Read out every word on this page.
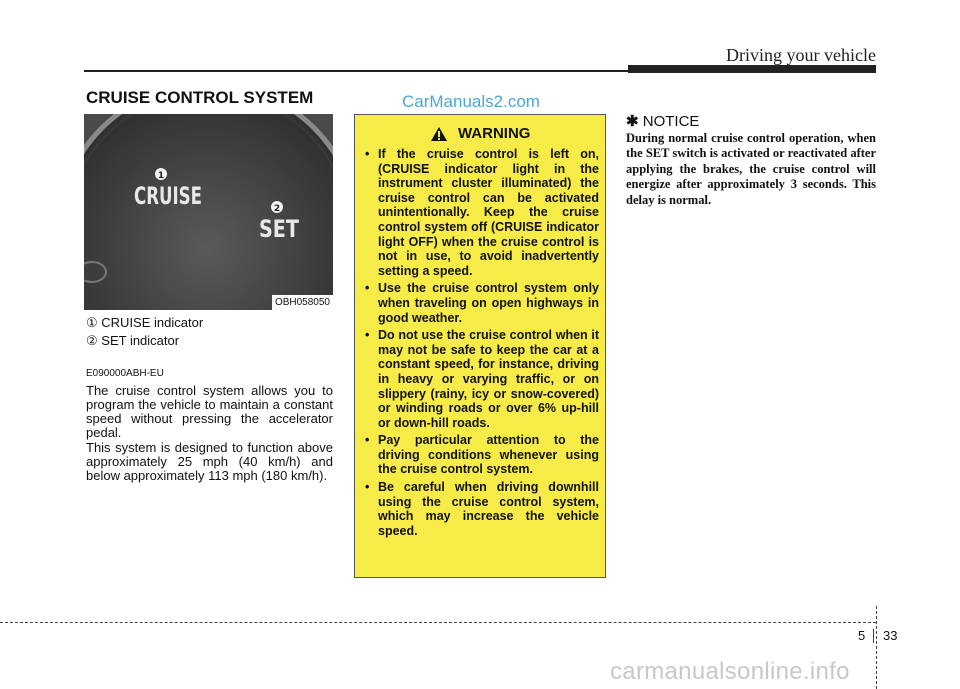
Driving your vehicle
CRUISE CONTROL SYSTEM	CarManuals2.com
1
CRUISE	2
SET
OBH058050
① CRUISE indicator
② SET indicator
E090000ABH-EU
The cruise control system allows you to program the vehicle to maintain a constant speed without pressing the accelerator pedal.
This system is designed to function above approximately 25 mph (40 km/h) and below approximately 113 mph (180 km/h).
WARNING
• If the cruise control is left on, (CRUISE indicator light in the instrument cluster illuminated) the cruise control can be activated unintentionally. Keep the cruise control system off (CRUISE indicator light OFF) when the cruise control is not in use, to avoid inadvertently setting a speed.
• Use the cruise control system only when traveling on open highways in good weather.
• Do not use the cruise control when it may not be safe to keep the car at a constant speed, for instance, driving in heavy or varying traffic, or on slippery (rainy, icy or snow-covered) or winding roads or over 6% up-hill or down-hill roads.
• Pay particular attention to the driving conditions whenever using the cruise control system.
• Be careful when driving downhill using the cruise control system, which may increase the vehicle speed.
✱ NOTICE
During normal cruise control operation, when the SET switch is activated or reactivated after applying the brakes, the cruise control will energize after approximately 3 seconds. This delay is normal.
5 33
carmanualsonline.info
